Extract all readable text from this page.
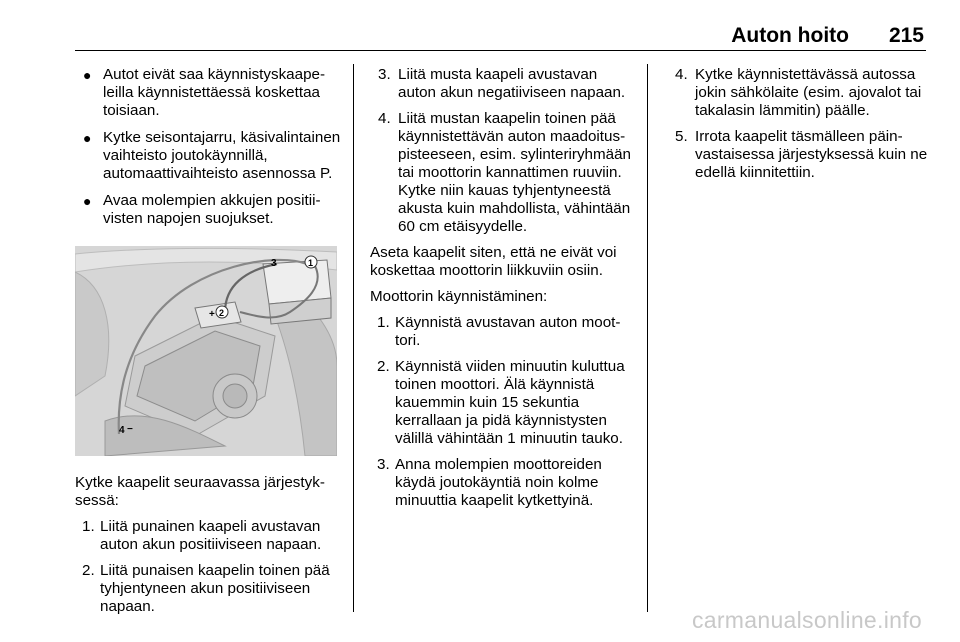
Auton hoito 215
● Autot eivät saa käynnistyskaapeleilla käynnistettäessä koskettaa toisiaan.
● Kytke seisontajarru, käsivalintainen vaihteisto joutokäynnillä, automaattivaihteisto asennossa P.
● Avaa molempien akkujen positiivisten napojen suojukset.
3	1
+ 2
4 −

Kytke kaapelit seuraavassa järjestyksessä:

1. Liitä punainen kaapeli avustavan auton akun positiiviseen napaan.
2. Liitä punaisen kaapelin toinen pää tyhjentyneen akun positiiviseen napaan.
3. Liitä musta kaapeli avustavan auton akun negatiiviseen napaan.
4. Liitä mustan kaapelin toinen pää käynnistettävän auton maadoituspisteeseen, esim. sylinteriryhmään tai moottorin kannattimen ruuviin. Kytke niin kauas tyhjentyneestä akusta kuin mahdollista, vähintään 60 cm etäisyydelle.

Aseta kaapelit siten, että ne eivät voi koskettaa moottorin liikkuviin osiin.

Moottorin käynnistäminen:

1. Käynnistä avustavan auton moottori.
2. Käynnistä viiden minuutin kuluttua toinen moottori. Älä käynnistä kauemmin kuin 15 sekuntia kerrallaan ja pidä käynnistysten välillä vähintään 1 minuutin tauko.
3. Anna molempien moottoreiden käydä joutokäyntiä noin kolme minuuttia kaapelit kytkettyinä.
4. Kytke käynnistettävässä autossa jokin sähkölaite (esim. ajovalot tai takalasin lämmitin) päälle.
5. Irrota kaapelit täsmälleen päinvastaisessa järjestyksessä kuin ne edellä kiinnitettiin.
carmanualsonline.info
